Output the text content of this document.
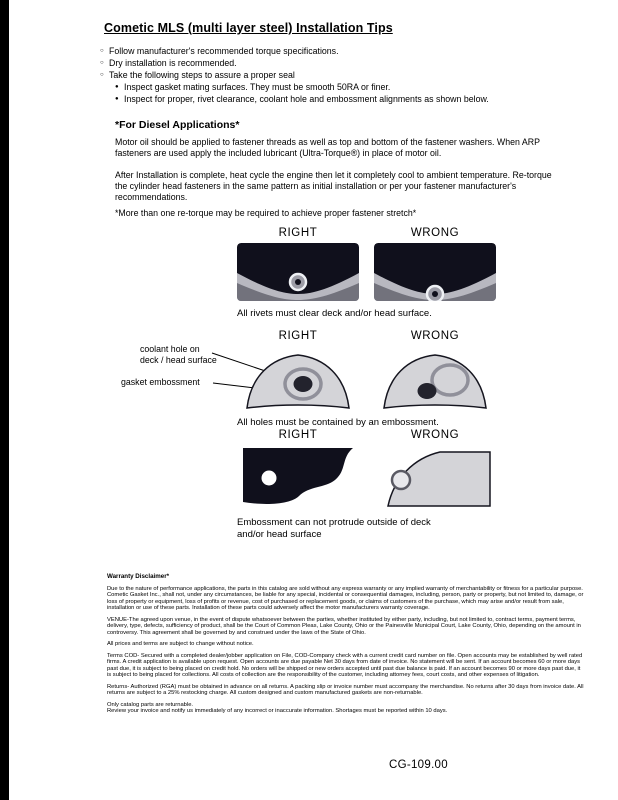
Cometic MLS (multi layer steel) Installation Tips
○ Follow manufacturer's recommended torque specifications.
○ Dry installation is recommended.
○ Take the following steps to assure a proper seal
● Inspect gasket mating surfaces. They must be smooth 50RA or finer.
● Inspect for proper, rivet clearance, coolant hole and embossment alignments as shown below.
*For Diesel Applications*
Motor oil should be applied to fastener threads as well as top and bottom of the fastener washers. When ARP fasteners are used apply the included lubricant (Ultra-Torque®) in place of motor oil.
After Installation is complete, heat cycle the engine then let it completely cool to ambient temperature. Re-torque the cylinder head fasteners in the same pattern as initial installation or per your fastener manufacturer's recommendations.
*More than one re-torque may be required to achieve proper fastener stretch*
RIGHT	WRONG
All rivets must clear deck and/or head surface.
RIGHT	WRONG
coolant hole on
deck / head surface
gasket embossment
All holes must be contained by an embossment.
RIGHT	WRONG
Embossment can not protrude outside of deck
and/or head surface
Warranty Disclaimer*

Due to the nature of performance applications, the parts in this catalog are sold without any express warranty or any implied warranty of merchantability or fitness for a particular purpose. Cometic Gasket Inc., shall not, under any circumstances, be liable for any special, incidental or consequential damages, including, person, party or property, but not limited to, damage, or loss of property or equipment, loss of profits or revenue, cost of purchased or replacement goods, or claims of customers of the purchase, which may arise and/or result from sale, installation or use of these parts. Installation of these parts could adversely affect the motor manufacturers warranty coverage.

VENUE-The agreed upon venue, in the event of dispute whatsoever between the parties, whether instituted by either party, including, but not limited to, contract terms, payment terms, delivery, type, defects, sufficiency of product, shall be the Court of Common Pleas, Lake County, Ohio or the Painesville Municipal Court, Lake County, Ohio, depending on the amount in controversy. This agreement shall be governed by and construed under the laws of the State of Ohio.

All prices and terms are subject to change without notice.

Terms COD- Secured with a completed dealer/jobber application on File, COD-Company check with a current credit card number on file. Open accounts may be established by well rated firms. A credit application is available upon request. Open accounts are due payable Net 30 days from date of invoice. No statement will be sent. If an account becomes 60 or more days past due, it is subject to being placed on credit hold. No orders will be shipped or new orders accepted until past due balance is paid. If an account becomes 90 or more days past due, it is subject to being placed for collections. All costs of collection are the responsibility of the customer, including attorney fees, court costs, and other expenses of litigation.

Returns- Authorized (RGA) must be obtained in advance on all returns. A packing slip or invoice number must accompany the merchandise. No returns after 30 days from invoice date. All returns are subject to a 25% restocking charge. All custom designed and custom manufactured gaskets are non-returnable.

Only catalog parts are returnable.

Review your invoice and notify us immediately of any incorrect or inaccurate information. Shortages must be reported within 10 days.

CG-109.00
